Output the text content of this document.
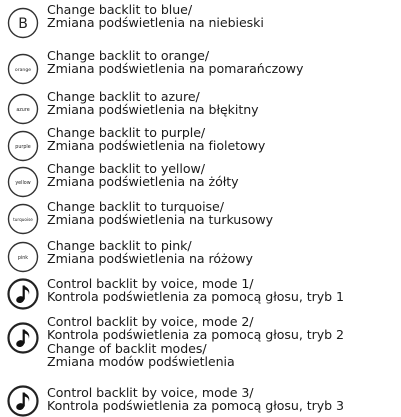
B
Change backlit to blue/
Zmiana podświetlenia na niebieski
orange
Change backlit to orange/
Zmiana podświetlenia na pomarańczowy
azure
Change backlit to azure/
Zmiana podświetlenia na błękitny
purple
Change backlit to purple/
Zmiana podświetlenia na fioletowy
yellow
Change backlit to yellow/
Zmiana podświetlenia na żółty
turquoise
Change backlit to turquoise/
Zmiana podświetlenia na turkusowy
pink
Change backlit to pink/
Zmiana podświetlenia na różowy
Control backlit by voice, mode 1/
Kontrola podświetlenia za pomocą głosu, tryb 1
Control backlit by voice, mode 2/
Kontrola podświetlenia za pomocą głosu, tryb 2
Change of backlit modes/
Zmiana modów podświetlenia
Control backlit by voice, mode 3/
Kontrola podświetlenia za pomocą głosu, tryb 3
